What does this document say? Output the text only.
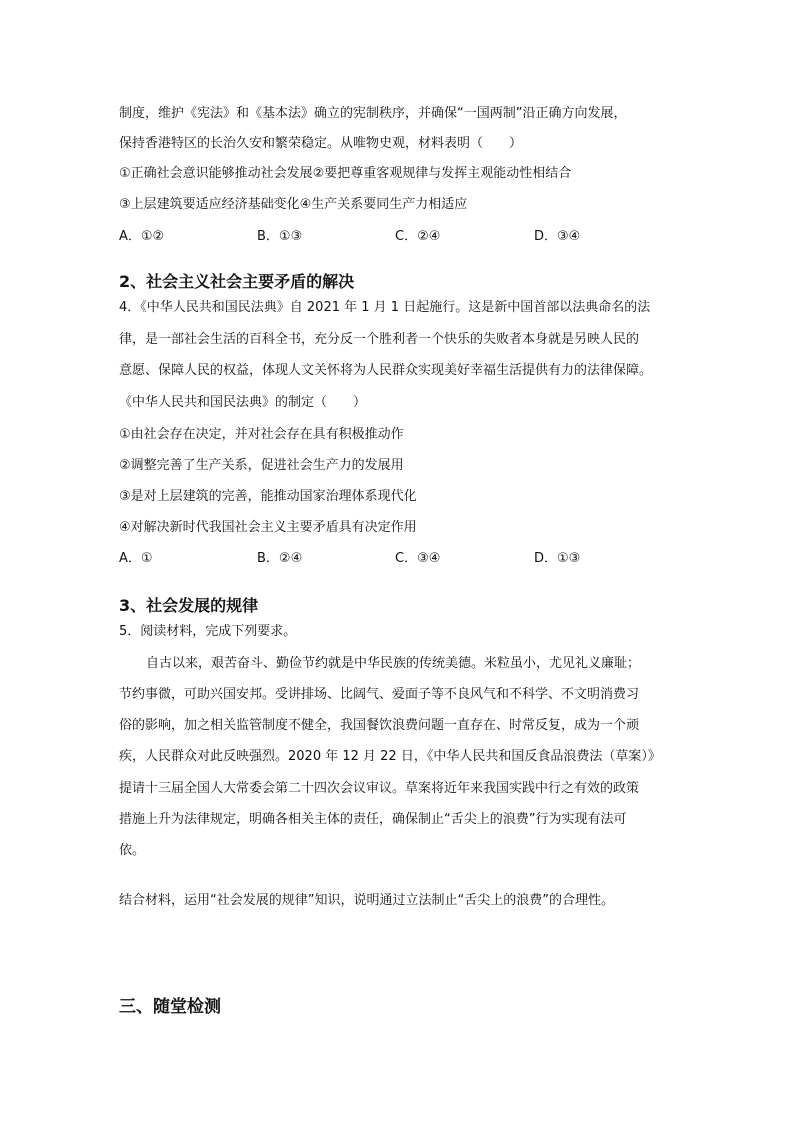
制度，维护《宪法》和《基本法》确立的宪制秩序，并确保“一国两制”沿正确方向发展，
保持香港特区的长治久安和繁荣稳定。从唯物史观，材料表明（　　）
①正确社会意识能够推动社会发展②要把尊重客观规律与发挥主观能动性相结合
③上层建筑要适应经济基础变化④生产关系要同生产力相适应
A．①②	B．①③	C．②④	D．③④
2、社会主义社会主要矛盾的解决
4．《中华人民共和国民法典》自 2021 年 1 月 1 日起施行。这是新中国首部以法典命名的法
律，是一部社会生活的百科全书，充分反一个胜利者一个快乐的失败者本身就是另映人民的
意愿、保障人民的权益，体现人文关怀将为人民群众实现美好幸福生活提供有力的法律保障。
《中华人民共和国民法典》的制定（　　）
①由社会存在决定，并对社会存在具有积极推动作
②调整完善了生产关系，促进社会生产力的发展用
③是对上层建筑的完善，能推动国家治理体系现代化
④对解决新时代我国社会主义主要矛盾具有决定作用
A．①	B．②④	C．③④	D．①③
3、社会发展的规律
5．阅读材料，完成下列要求。
自古以来，艰苦奋斗、勤俭节约就是中华民族的传统美德。米粒虽小，尤见礼义廉耻；
节约事微，可助兴国安邦。受讲排场、比阔气、爱面子等不良风气和不科学、不文明消费习
俗的影响，加之相关监管制度不健全，我国餐饮浪费问题一直存在、时常反复，成为一个顽
疾，人民群众对此反映强烈。2020 年 12 月 22 日，《中华人民共和国反食品浪费法（草案）》
提请十三届全国人大常委会第二十四次会议审议。草案将近年来我国实践中行之有效的政策
措施上升为法律规定，明确各相关主体的责任，确保制止“舌尖上的浪费”行为实现有法可
依。
结合材料，运用“社会发展的规律”知识，说明通过立法制止“舌尖上的浪费”的合理性。
三、随堂检测
